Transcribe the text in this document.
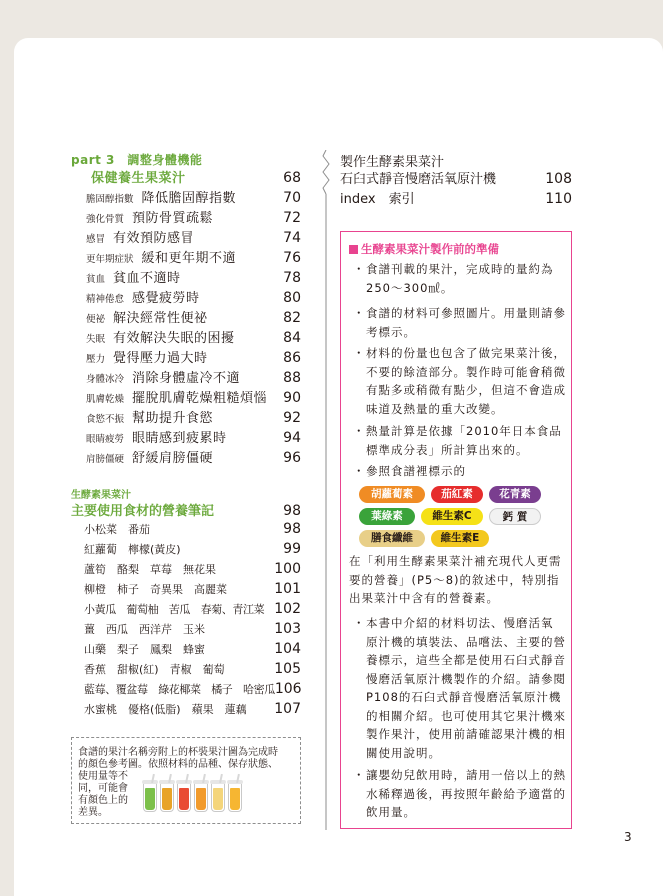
part 3　調整身體機能
保健養生果菜汁	68
膽固醇指數 降低膽固醇指數	70
強化骨質 預防骨質疏鬆	72
感冒 有效預防感冒	74
更年期症狀 緩和更年期不適	76
貧血 貧血不適時	78
精神倦怠 感覺疲勞時	80
便祕 解決經常性便祕	82
失眠 有效解決失眠的困擾	84
壓力 覺得壓力過大時	86
身體冰冷 消除身體虛冷不適	88
肌膚乾燥 擺脫肌膚乾燥粗糙煩惱 90
食慾不振 幫助提升食慾	92
眼睛疲勞 眼睛感到疲累時	94
肩膀僵硬 舒緩肩膀僵硬	96
生酵素果菜汁
主要使用食材的營養筆記	98
小松菜　番茄	98
紅蘿蔔　檸檬(黃皮)	99
蘆筍　酪梨　草莓　無花果	100
柳橙　柿子　奇異果　高麗菜	101
小黃瓜　葡萄柚　苦瓜　春菊、青江菜 102
薑　西瓜　西洋芹　玉米	103
山藥　梨子　鳳梨　蜂蜜	104
香蕉　甜椒(紅)　青椒　葡萄	105
藍莓、覆盆莓　綠花椰菜　橘子　哈密瓜 106
水蜜桃　優格(低脂)　蘋果　蓮藕 107

食譜的果汁名稱旁附上的杯裝果汁圖為完成時

的顏色參考圖。依照材料的品種、保存狀態、

使用量等不

同，可能會

有顏色上的

差異。

製作生酵素果菜汁
石臼式靜音慢磨活氧原汁機	108
index　索引	110
生酵素果菜汁製作前的準備
・ 食譜刊載的果汁，完成時的量約為
250～300㎖。
・ 食譜的材料可參照圖片。用量則請參
考標示。
・ 材料的份量也包含了做完果菜汁後，
不要的餘渣部分。製作時可能會稍微
有點多或稍微有點少，但這不會造成
味道及熱量的重大改變。
・ 熱量計算是依據「2010年日本食品
標準成分表」所計算出來的。
・ 參照食譜裡標示的
胡蘿蔔素	茄紅素	花青素
葉綠素	維生素C	鈣 質
膳食纖維	維生素E
在「利用生酵素果菜汁補充現代人更需
要的營養」(P5～8)的敘述中，特別指
出果菜汁中含有的營養素。
・ 本書中介紹的材料切法、慢磨活氧
原汁機的填裝法、品嚐法、主要的營
養標示，這些全都是使用石臼式靜音
慢磨活氧原汁機製作的介紹。請參閱
P108的石臼式靜音慢磨活氧原汁機
的相關介紹。也可使用其它果汁機來
製作果汁，使用前請確認果汁機的相
關使用說明。
・ 讓嬰幼兒飲用時，請用一倍以上的熱
水稀釋過後，再按照年齡給予適當的
飲用量。
3
